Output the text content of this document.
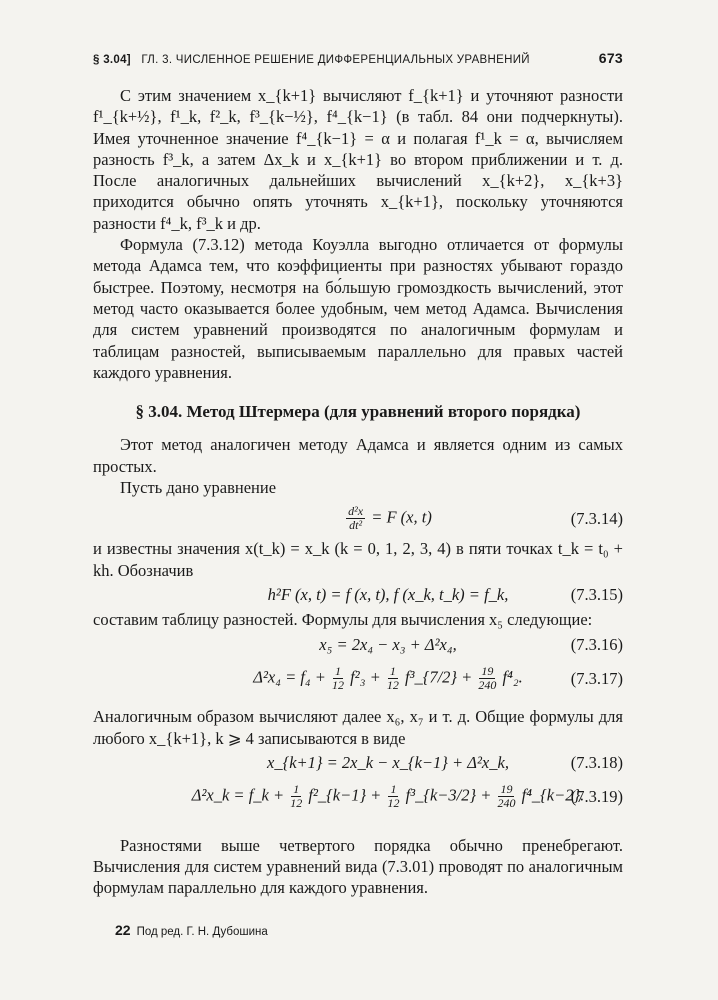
§ 3.04] ГЛ. 3. ЧИСЛЕННОЕ РЕШЕНИЕ ДИФФЕРЕНЦИАЛЬНЫХ УРАВНЕНИЙ	673

С этим значением x_{k+1} вычисляют f_{k+1} и уточняют разности f¹_{k+½}, f¹_k, f²_k, f³_{k−½}, f⁴_{k−1} (в табл. 84 они подчеркнуты). Имея уточненное значение f⁴_{k−1} = α и полагая f¹_k = α, вычисляем разность f³_k, а затем Δx_k и x_{k+1} во втором приближении и т. д. После аналогичных дальнейших вычислений x_{k+2}, x_{k+3} приходится обычно опять уточнять x_{k+1}, поскольку уточняются разности f⁴_k, f³_k и др.

Формула (7.3.12) метода Коуэлла выгодно отличается от формулы метода Адамса тем, что коэффициенты при разностях убывают гораздо быстрее. Поэтому, несмотря на бо́льшую громоздкость вычислений, этот метод часто оказывается более удобным, чем метод Адамса. Вычисления для систем уравнений производятся по аналогичным формулам и таблицам разностей, выписываемым параллельно для правых частей каждого уравнения.

§ 3.04. Метод Штермера (для уравнений второго порядка)

Этот метод аналогичен методу Адамса и является одним из самых простых.

Пусть дано уравнение

$\frac{\text{d²x}}{\text{dt²}} = F$ (x, t)	(7.3.14)

и известны значения x(t_k) = x_k (k = 0, 1, 2, 3, 4) в пяти точках t_k = t₀ + kh. Обозначив

h²F (x, t) = f (x, t), f (x_k, t_k) = f_k,	(7.3.15)

составим таблицу разностей. Формулы для вычисления x₅ следующие:

x₅ = 2x₄ − x₃ + Δ²x₄,	(7.3.16)
$\Delta^2x_4 = f_4 + \frac{1}{12} f^2_3 + \frac{1}{12}$ f³_{7/2} + $\frac{19}{240} f^4_2$.	(7.3.17)

Аналогичным образом вычисляют далее x₆, x₇ и т. д. Общие формулы для любого x_{k+1}, k ⩾ 4 записываются в виде

x_{k+1} = 2x_k − x_{k−1} + Δ²x_k,	(7.3.18)
Δ²x_k = f_k + $\frac{1}{12}$ f²_{k−1} + $\frac{1}{12}$ f³_{k−3/2} + $\frac{19}{240}$ f⁴_{k−2}.
(7.3.19)

Разностями выше четвертого порядка обычно пренебрегают. Вычисления для систем уравнений вида (7.3.01) проводят по аналогичным формулам параллельно для каждого уравнения.

22 Под ред. Г. Н. Дубошина
